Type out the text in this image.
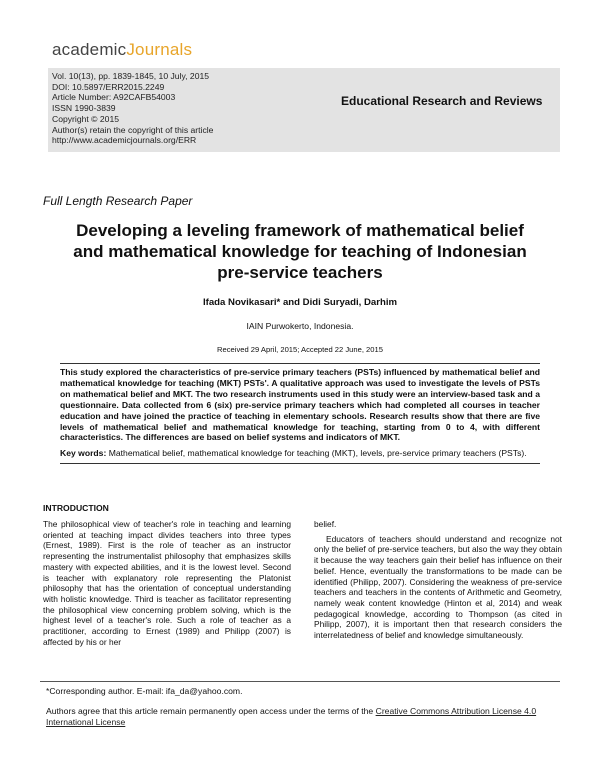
academicJournals
Vol. 10(13), pp. 1839-1845, 10 July, 2015
DOI: 10.5897/ERR2015.2249
Article Number: A92CAFB54003
ISSN 1990-3839
Copyright © 2015
Author(s) retain the copyright of this article
http://www.academicjournals.org/ERR
Educational Research and Reviews
Full Length Research Paper
Developing a leveling framework of mathematical belief and mathematical knowledge for teaching of Indonesian pre-service teachers
Ifada Novikasari* and Didi Suryadi, Darhim
IAIN Purwokerto, Indonesia.
Received 29 April, 2015; Accepted 22 June, 2015

This study explored the characteristics of pre-service primary teachers (PSTs) influenced by mathematical belief and mathematical knowledge for teaching (MKT) PSTs'. A qualitative approach was used to investigate the levels of PSTs on mathematical belief and MKT. The two research instruments used in this study were an interview-based task and a questionnaire. Data collected from 6 (six) pre-service primary teachers which had completed all courses in teacher education and have joined the practice of teaching in elementary schools. Research results show that there are five levels of mathematical belief and mathematical knowledge for teaching, starting from 0 to 4, with different characteristics. The differences are based on belief systems and indicators of MKT.

Key words: Mathematical belief, mathematical knowledge for teaching (MKT), levels, pre-service primary teachers (PSTs).

INTRODUCTION

The philosophical view of teacher's role in teaching and learning oriented at teaching impact divides teachers into three types (Ernest, 1989). First is the role of teacher as an instructor representing the instrumentalist philosophy that emphasizes skills mastery with expected abilities, and it is the lowest level. Second is teacher with explanatory role representing the Platonist philosophy that has the orientation of conceptual understanding with holistic knowledge. Third is teacher as facilitator representing the philosophical view concerning problem solving, which is the highest level of a teacher's role. Such a role of teacher as a practitioner, according to Ernest (1989) and Philipp (2007) is affected by his or her

belief.

Educators of teachers should understand and recognize not only the belief of pre-service teachers, but also the way they obtain it because the way teachers gain their belief has influence on their belief. Hence, eventually the transformations to be made can be identified (Philipp, 2007). Considering the weakness of pre-service teachers and teachers in the contents of Arithmetic and Geometry, namely weak content knowledge (Hinton et al, 2014) and weak pedagogical knowledge, according to Thompson (as cited in Philipp, 2007), it is important then that research considers the interrelatedness of belief and knowledge simultaneously.

*Corresponding author. E-mail: ifa_da@yahoo.com.
Authors agree that this article remain permanently open access under the terms of the Creative Commons Attribution License 4.0 International License
